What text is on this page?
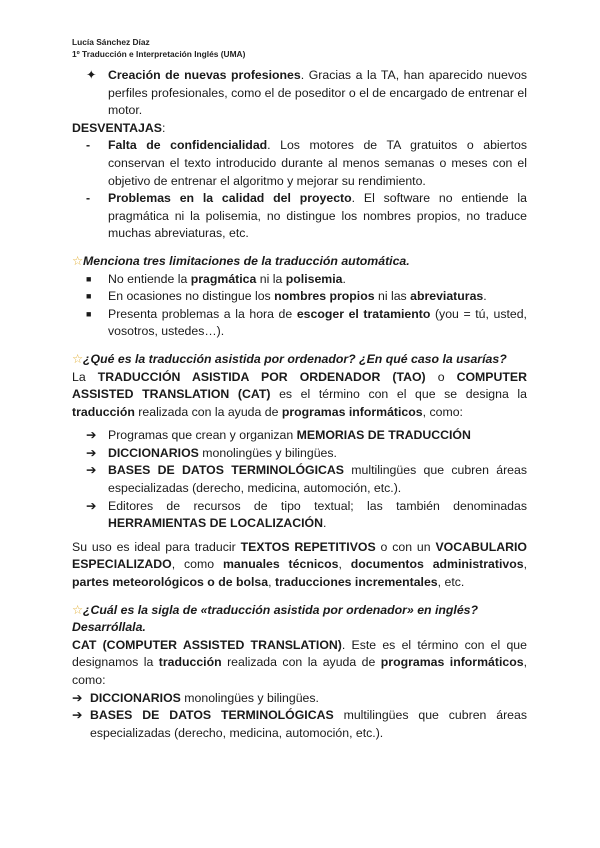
Lucía Sánchez Díaz
1º Traducción e Interpretación Inglés (UMA)
✦ Creación de nuevas profesiones. Gracias a la TA, han aparecido nuevos perfiles profesionales, como el de poseditor o el de encargado de entrenar el motor.

DESVENTAJAS:

- Falta de confidencialidad. Los motores de TA gratuitos o abiertos conservan el texto introducido durante al menos semanas o meses con el objetivo de entrenar el algoritmo y mejorar su rendimiento.
- Problemas en la calidad del proyecto. El software no entiende la pragmática ni la polisemia, no distingue los nombres propios, no traduce muchas abreviaturas, etc.

☆Menciona tres limitaciones de la traducción automática.

■ No entiende la pragmática ni la polisemia.
■ En ocasiones no distingue los nombres propios ni las abreviaturas.
■ Presenta problemas a la hora de escoger el tratamiento (you = tú, usted, vosotros, ustedes…).

☆¿Qué es la traducción asistida por ordenador? ¿En qué caso la usarías?

La TRADUCCIÓN ASISTIDA POR ORDENADOR (TAO) o COMPUTER ASSISTED TRANSLATION (CAT) es el término con el que se designa la traducción realizada con la ayuda de programas informáticos, como:

➔ Programas que crean y organizan MEMORIAS DE TRADUCCIÓN
➔ DICCIONARIOS monolingües y bilingües.
➔ BASES DE DATOS TERMINOLÓGICAS multilingües que cubren áreas especializadas (derecho, medicina, automoción, etc.).
➔ Editores de recursos de tipo textual; las también denominadas HERRAMIENTAS DE LOCALIZACIÓN.

Su uso es ideal para traducir TEXTOS REPETITIVOS o con un VOCABULARIO ESPECIALIZADO, como manuales técnicos, documentos administrativos, partes meteorológicos o de bolsa, traducciones incrementales, etc.

☆¿Cuál es la sigla de «traducción asistida por ordenador» en inglés? Desarróllala.

CAT (COMPUTER ASSISTED TRANSLATION). Este es el término con el que designamos la traducción realizada con la ayuda de programas informáticos, como:

➔ DICCIONARIOS monolingües y bilingües.
➔ BASES DE DATOS TERMINOLÓGICAS multilingües que cubren áreas especializadas (derecho, medicina, automoción, etc.).
